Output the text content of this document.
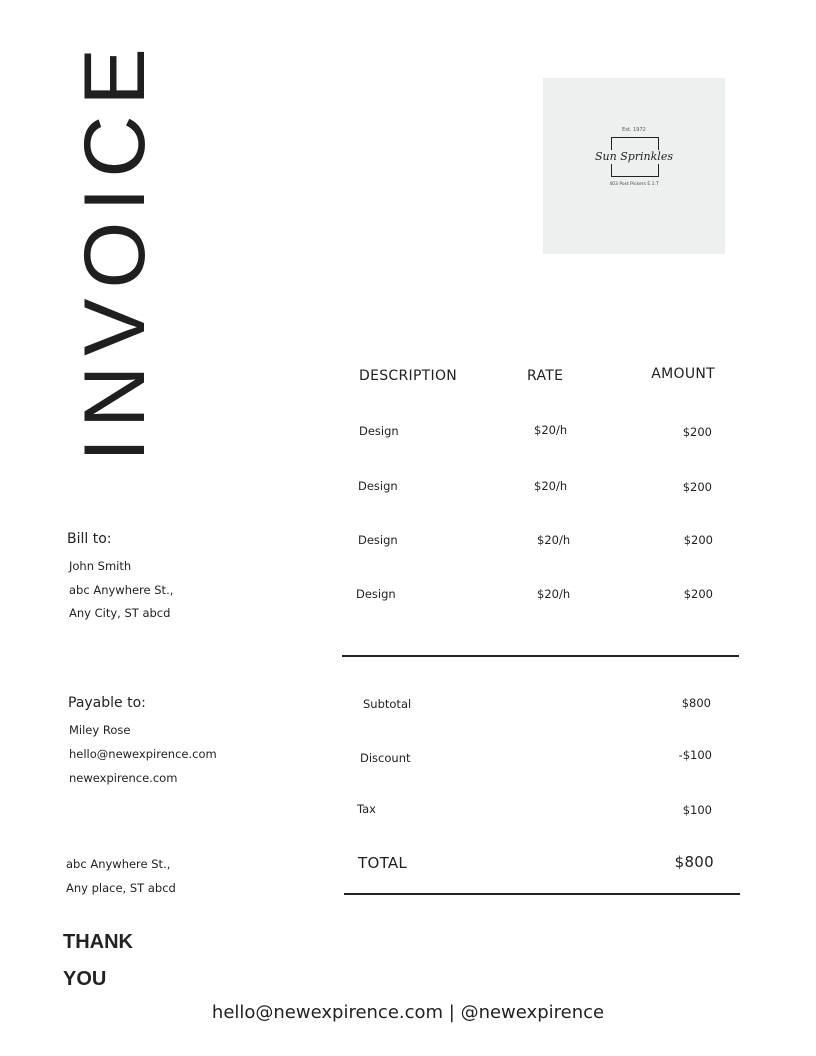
INVOICE	Est. 1972
Sun Sprinkles
403 Post Pickers E.1.T
DESCRIPTION	RATE	AMOUNT
Design	$20/h	$200
Design	$20/h	$200
Design	$20/h	$200
Design	$20/h	$200
Subtotal	$800
Discount	-$100
Tax	$100
TOTAL	$800
Bill to:
John Smith
abc Anywhere St.,
Any City, ST abcd
Payable to:
Miley Rose
hello@newexpirence.com
newexpirence.com
abc Anywhere St.,
Any place, ST abcd
THANK
YOU
hello@newexpirence.com | @newexpirence
